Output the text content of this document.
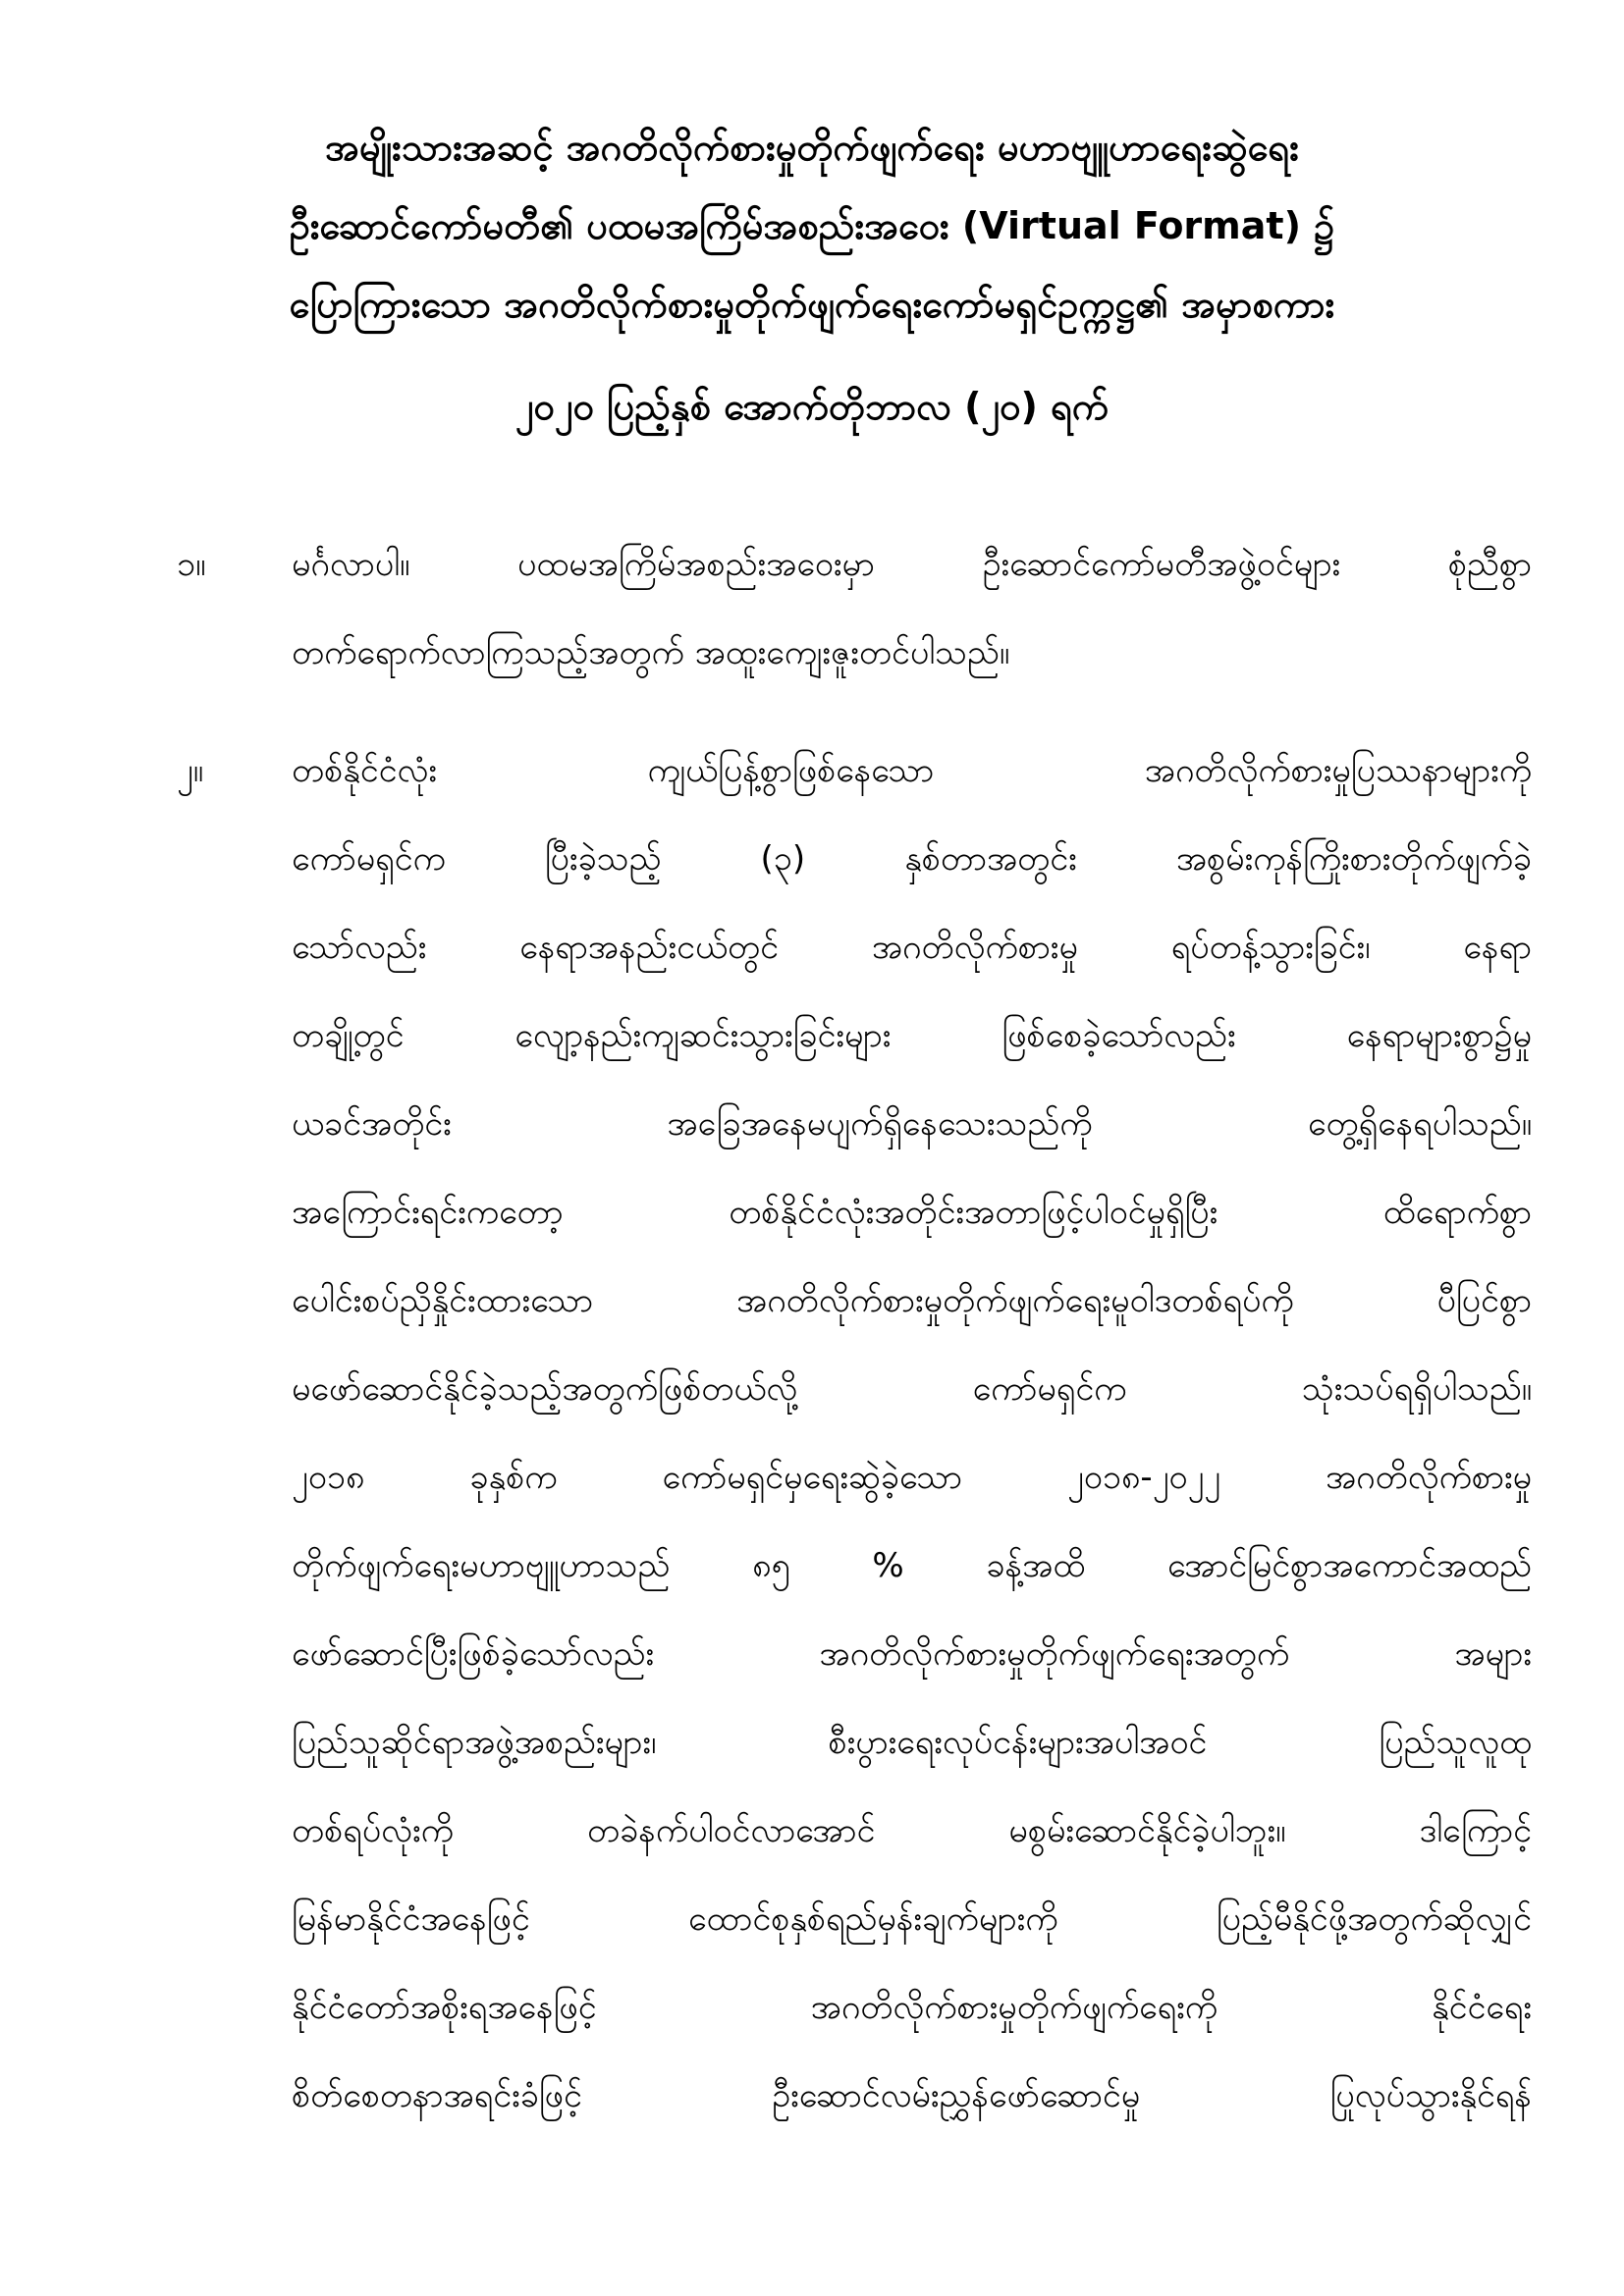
အမျိုးသားအဆင့် အဂတိလိုက်စားမှုတိုက်ဖျက်ရေး မဟာဗျူဟာရေးဆွဲရေး
ဦးဆောင်ကော်မတီ၏ ပထမအကြိမ်အစည်းအဝေး (Virtual Format) ၌
ပြောကြားသော အဂတိလိုက်စားမှုတိုက်ဖျက်ရေးကော်မရှင်ဥက္ကဋ္ဌ၏ အမှာစကား
၂၀၂၀ ပြည့်နှစ် အောက်တိုဘာလ (၂၀) ရက်
၁။	မင်္ဂလာပါ။ ပထမအကြိမ်အစည်းအဝေးမှာ ဦးဆောင်ကော်မတီအဖွဲ့ဝင်များ စုံညီစွာ
တက်ရောက်လာကြသည့်အတွက် အထူးကျေးဇူးတင်ပါသည်။
၂။	တစ်နိုင်ငံလုံး ကျယ်ပြန့်စွာဖြစ်နေသော အဂတိလိုက်စားမှုပြဿနာများကို
ကော်မရှင်က ပြီးခဲ့သည့် (၃) နှစ်တာအတွင်း အစွမ်းကုန်ကြိုးစားတိုက်ဖျက်ခဲ့
သော်လည်း နေရာအနည်းငယ်တွင် အဂတိလိုက်စားမှု ရပ်တန့်သွားခြင်း၊ နေရာ
တချို့တွင် လျော့နည်းကျဆင်းသွားခြင်းများ ဖြစ်စေခဲ့သော်လည်း နေရာများစွာ၌မှု
ယခင်အတိုင်း အခြေအနေမပျက်ရှိနေသေးသည်ကို တွေ့ရှိနေရပါသည်။
အကြောင်းရင်းကတော့ တစ်နိုင်ငံလုံးအတိုင်းအတာဖြင့်ပါဝင်မှုရှိပြီး ထိရောက်စွာ
ပေါင်းစပ်ညှိနှိုင်းထားသော အဂတိလိုက်စားမှုတိုက်ဖျက်ရေးမူဝါဒတစ်ရပ်ကို ပီပြင်စွာ
မဖော်ဆောင်နိုင်ခဲ့သည့်အတွက်ဖြစ်တယ်လို့ ကော်မရှင်က သုံးသပ်ရရှိပါသည်။
၂၀၁၈ ခုနှစ်က ကော်မရှင်မှရေးဆွဲခဲ့သော ၂၀၁၈-၂၀၂၂ အဂတိလိုက်စားမှု
တိုက်ဖျက်ရေးမဟာဗျူဟာသည် ၈၅ % ခန့်အထိ အောင်မြင်စွာအကောင်အထည်
ဖော်ဆောင်ပြီးဖြစ်ခဲ့သော်လည်း အဂတိလိုက်စားမှုတိုက်ဖျက်ရေးအတွက် အများ
ပြည်သူဆိုင်ရာအဖွဲ့အစည်းများ၊ စီးပွားရေးလုပ်ငန်းများအပါအဝင် ပြည်သူလူထု
တစ်ရပ်လုံးကို တခဲနက်ပါဝင်လာအောင် မစွမ်းဆောင်နိုင်ခဲ့ပါဘူး။ ဒါကြောင့်
မြန်မာနိုင်ငံအနေဖြင့် ထောင်စုနှစ်ရည်မှန်းချက်များကို ပြည့်မီနိုင်ဖို့အတွက်ဆိုလျှင်
နိုင်ငံတော်အစိုးရအနေဖြင့် အဂတိလိုက်စားမှုတိုက်ဖျက်ရေးကို နိုင်ငံရေး
စိတ်စေတနာအရင်းခံဖြင့် ဦးဆောင်လမ်းညွှန်ဖော်ဆောင်မှု ပြုလုပ်သွားနိုင်ရန်
